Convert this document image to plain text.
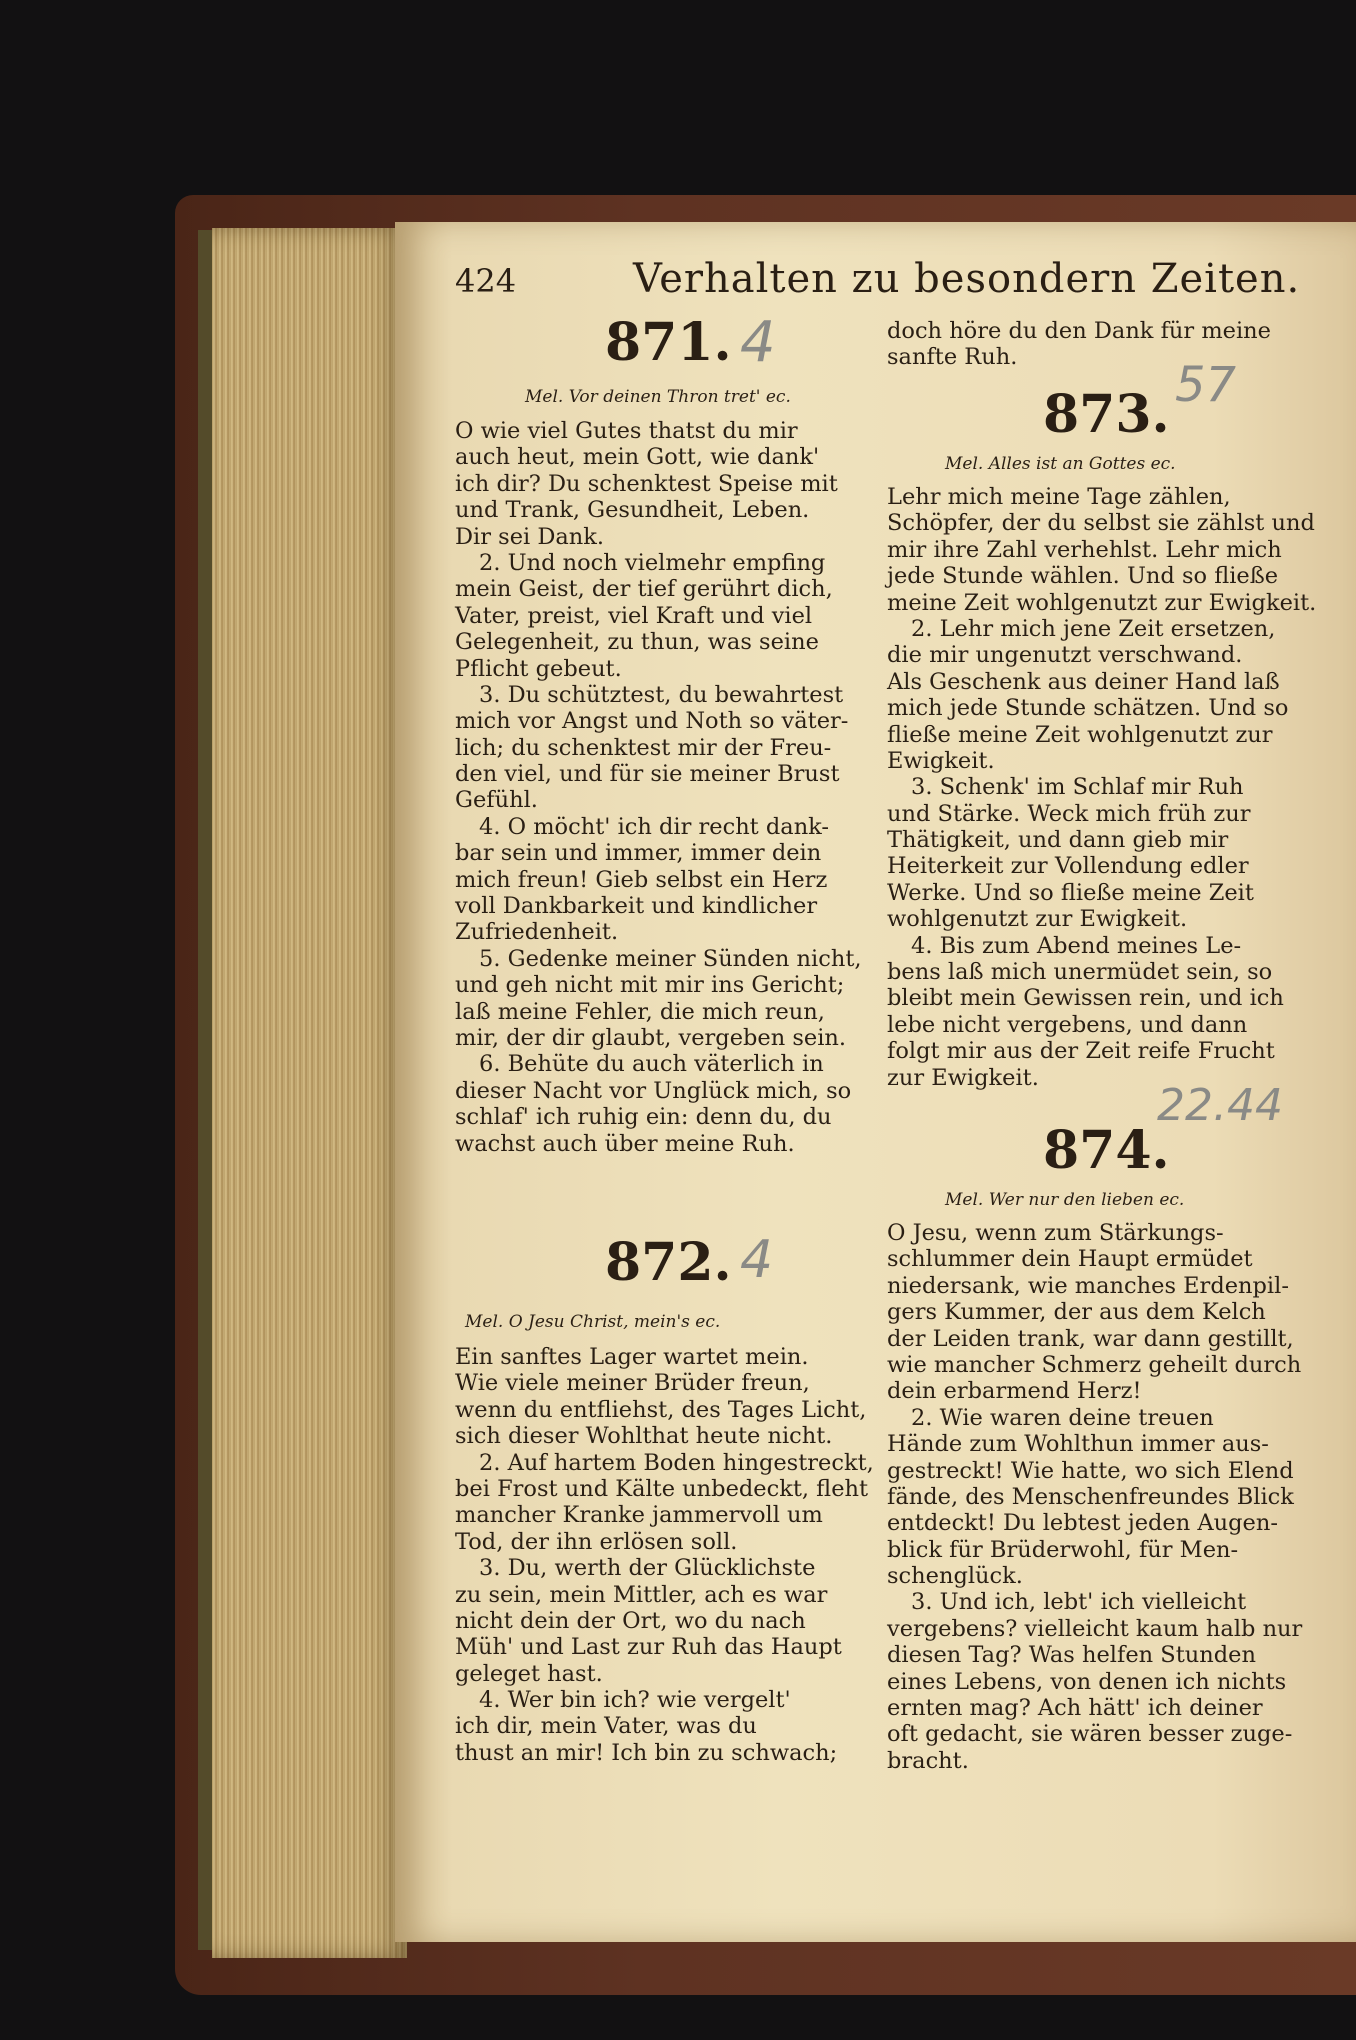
424	Verhalten zu besondern Zeiten.
871. 4
Mel. Vor deinen Thron tret' ec.
O wie viel Gutes thatst du mir
auch heut, mein Gott, wie dank'
ich dir? Du schenktest Speise mit
und Trank, Gesundheit, Leben.
Dir sei Dank.
2. Und noch vielmehr empfing
mein Geist, der tief gerührt dich,
Vater, preist, viel Kraft und viel
Gelegenheit, zu thun, was seine
Pflicht gebeut.
3. Du schütztest, du bewahrtest
mich vor Angst und Noth so väter-
lich; du schenktest mir der Freu-
den viel, und für sie meiner Brust
Gefühl.
4. O möcht' ich dir recht dank-
bar sein und immer, immer dein
mich freun! Gieb selbst ein Herz
voll Dankbarkeit und kindlicher
Zufriedenheit.
5. Gedenke meiner Sünden nicht,
und geh nicht mit mir ins Gericht;
laß meine Fehler, die mich reun,
mir, der dir glaubt, vergeben sein.
6. Behüte du auch väterlich in
dieser Nacht vor Unglück mich, so
schlaf' ich ruhig ein: denn du, du
wachst auch über meine Ruh.
872. 4
Mel. O Jesu Christ, mein's ec.
Ein sanftes Lager wartet mein.
Wie viele meiner Brüder freun,
wenn du entfliehst, des Tages Licht,
sich dieser Wohlthat heute nicht.
2. Auf hartem Boden hingestreckt,
bei Frost und Kälte unbedeckt, fleht
mancher Kranke jammervoll um
Tod, der ihn erlösen soll.
3. Du, werth der Glücklichste
zu sein, mein Mittler, ach es war
nicht dein der Ort, wo du nach
Müh' und Last zur Ruh das Haupt
geleget hast.
4. Wer bin ich? wie vergelt'
ich dir, mein Vater, was du
thust an mir! Ich bin zu schwach;
doch höre du den Dank für meine
sanfte Ruh.
873. 57
Mel. Alles ist an Gottes ec.
Lehr mich meine Tage zählen,
Schöpfer, der du selbst sie zählst und
mir ihre Zahl verhehlst. Lehr mich
jede Stunde wählen. Und so fließe
meine Zeit wohlgenutzt zur Ewigkeit.
2. Lehr mich jene Zeit ersetzen,
die mir ungenutzt verschwand.
Als Geschenk aus deiner Hand laß
mich jede Stunde schätzen. Und so
fließe meine Zeit wohlgenutzt zur
Ewigkeit.
3. Schenk' im Schlaf mir Ruh
und Stärke. Weck mich früh zur
Thätigkeit, und dann gieb mir
Heiterkeit zur Vollendung edler
Werke. Und so fließe meine Zeit
wohlgenutzt zur Ewigkeit.
4. Bis zum Abend meines Le-
bens laß mich unermüdet sein, so
bleibt mein Gewissen rein, und ich
lebe nicht vergebens, und dann
folgt mir aus der Zeit reife Frucht
zur Ewigkeit.
22.44
874.
Mel. Wer nur den lieben ec.
O Jesu, wenn zum Stärkungs-
schlummer dein Haupt ermüdet
niedersank, wie manches Erdenpil-
gers Kummer, der aus dem Kelch
der Leiden trank, war dann gestillt,
wie mancher Schmerz geheilt durch
dein erbarmend Herz!
2. Wie waren deine treuen
Hände zum Wohlthun immer aus-
gestreckt! Wie hatte, wo sich Elend
fände, des Menschenfreundes Blick
entdeckt! Du lebtest jeden Augen-
blick für Brüderwohl, für Men-
schenglück.
3. Und ich, lebt' ich vielleicht
vergebens? vielleicht kaum halb nur
diesen Tag? Was helfen Stunden
eines Lebens, von denen ich nichts
ernten mag? Ach hätt' ich deiner
oft gedacht, sie wären besser zuge-
bracht.
